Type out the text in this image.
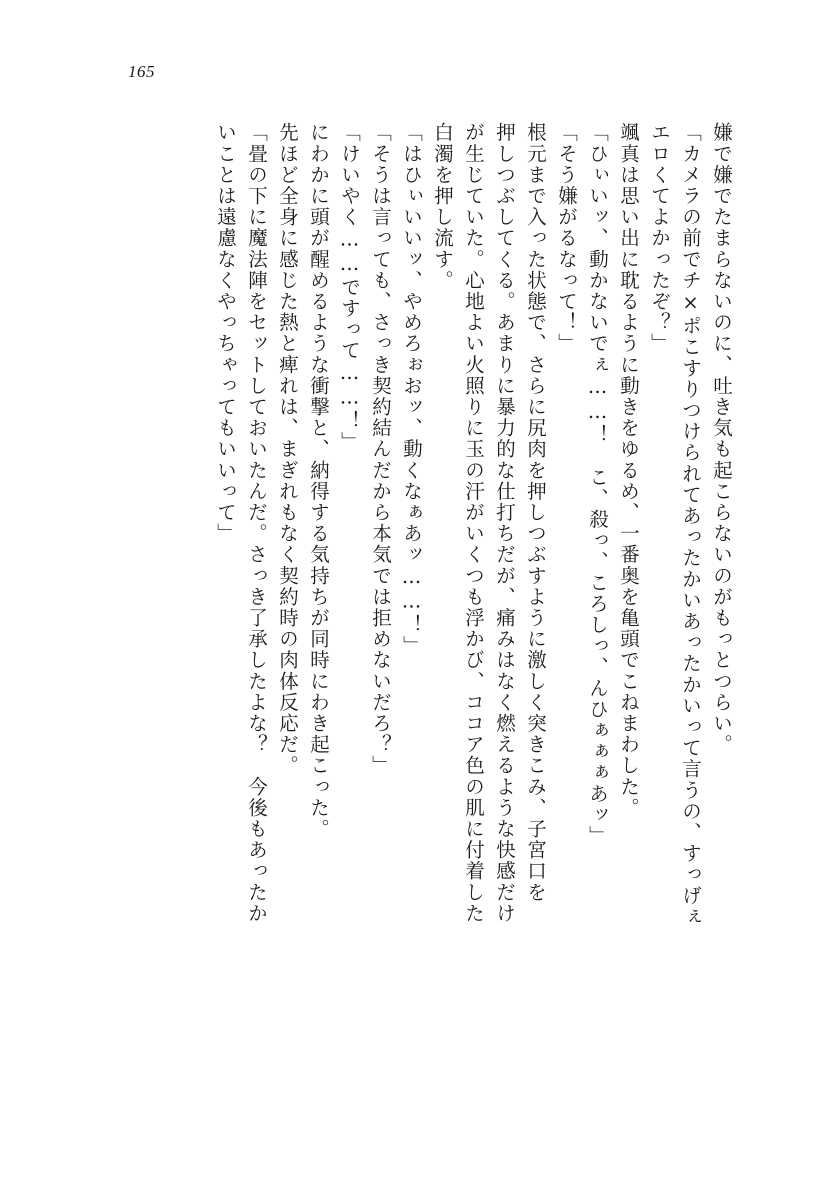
165
嫌で嫌でたまらないのに、吐き気も起こらないのがもっとつらい。
「カメラの前でチ×ポこすりつけられてあったかいあったかいって言うの、すっげぇ
エロくてよかったぞ？」
颯真は思い出に耽るように動きをゆるめ、一番奥を亀頭でこねまわした。
「ひぃいッ、動かないでぇ……！　こ、殺っ、ころしっ、んひぁぁぁあッ」
「そう嫌がるなって！」
根元まで入った状態で、さらに尻肉を押しつぶすように激しく突きこみ、子宮口を
押しつぶしてくる。あまりに暴力的な仕打ちだが、痛みはなく燃えるような快感だけ
が生じていた。心地よい火照りに玉の汗がいくつも浮かび、ココア色の肌に付着した
白濁を押し流す。
「はひぃいいッ、やめろぉおッ、動くなぁあッ……！」
「そうは言っても、さっき契約結んだから本気では拒めないだろ？」
「けいやく……ですって……！」
にわかに頭が醒めるような衝撃と、納得する気持ちが同時にわき起こった。
先ほど全身に感じた熱と痺れは、まぎれもなく契約時の肉体反応だ。
「畳の下に魔法陣をセットしておいたんだ。さっき了承したよな？　今後もあったか
いことは遠慮なくやっちゃってもいいって」
